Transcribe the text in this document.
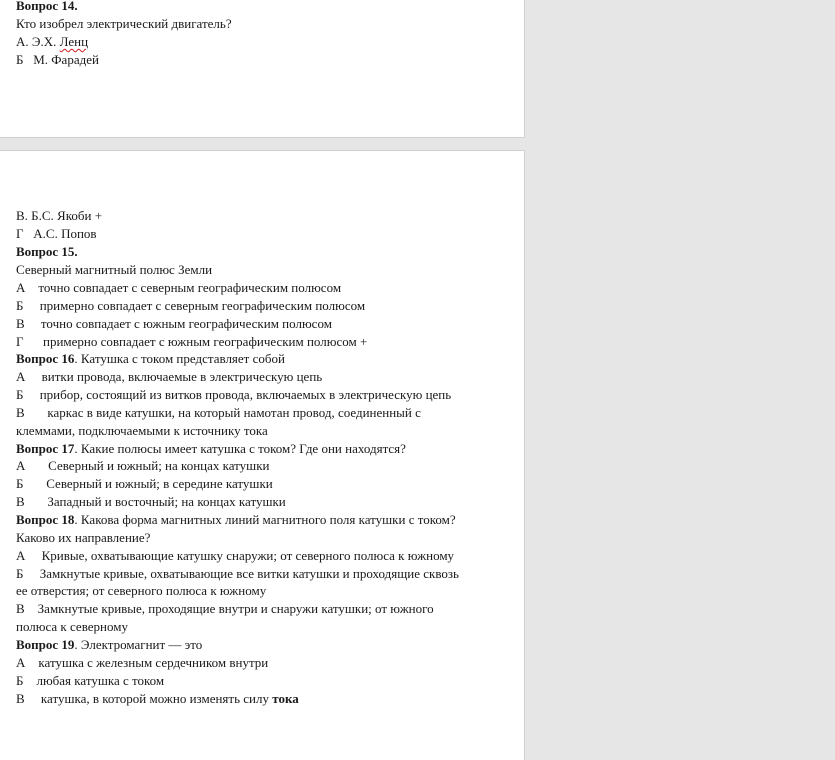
Вопрос 14.
Кто изобрел электрический двигатель?
А. Э.Х. Ленц
Б   М. Фарадей
В. Б.С. Якоби +
Г   А.С. Попов
Вопрос 15.
Северный магнитный полюс Земли
А    точно совпадает с северным географическим полюсом
Б     примерно совпадает с северным географическим полюсом
В     точно совпадает с южным географическим полюсом
Г      примерно совпадает с южным географическим полюсом +
Вопрос 16. Катушка с током представляет собой
А     витки провода, включаемые в электрическую цепь
Б     прибор, состоящий из витков провода, включаемых в электрическую цепь
В       каркас в виде катушки, на который намотан провод, соединенный с
клеммами, подключаемыми к источнику тока
Вопрос 17. Какие полюсы имеет катушка с током? Где они находятся?
А       Северный и южный; на концах катушки
Б       Северный и южный; в середине катушки
В       Западный и восточный; на концах катушки
Вопрос 18. Какова форма магнитных линий магнитного поля катушки с током?
Каково их направление?
А     Кривые, охватывающие катушку снаружи; от северного полюса к южному
Б     Замкнутые кривые, охватывающие все витки катушки и проходящие сквозь
ее отверстия; от северного полюса к южному
В    Замкнутые кривые, проходящие внутри и снаружи катушки; от южного
полюса к северному
Вопрос 19. Электромагнит — это
А    катушка с железным сердечником внутри
Б    любая катушка с током
В     катушка, в которой можно изменять силу тока
